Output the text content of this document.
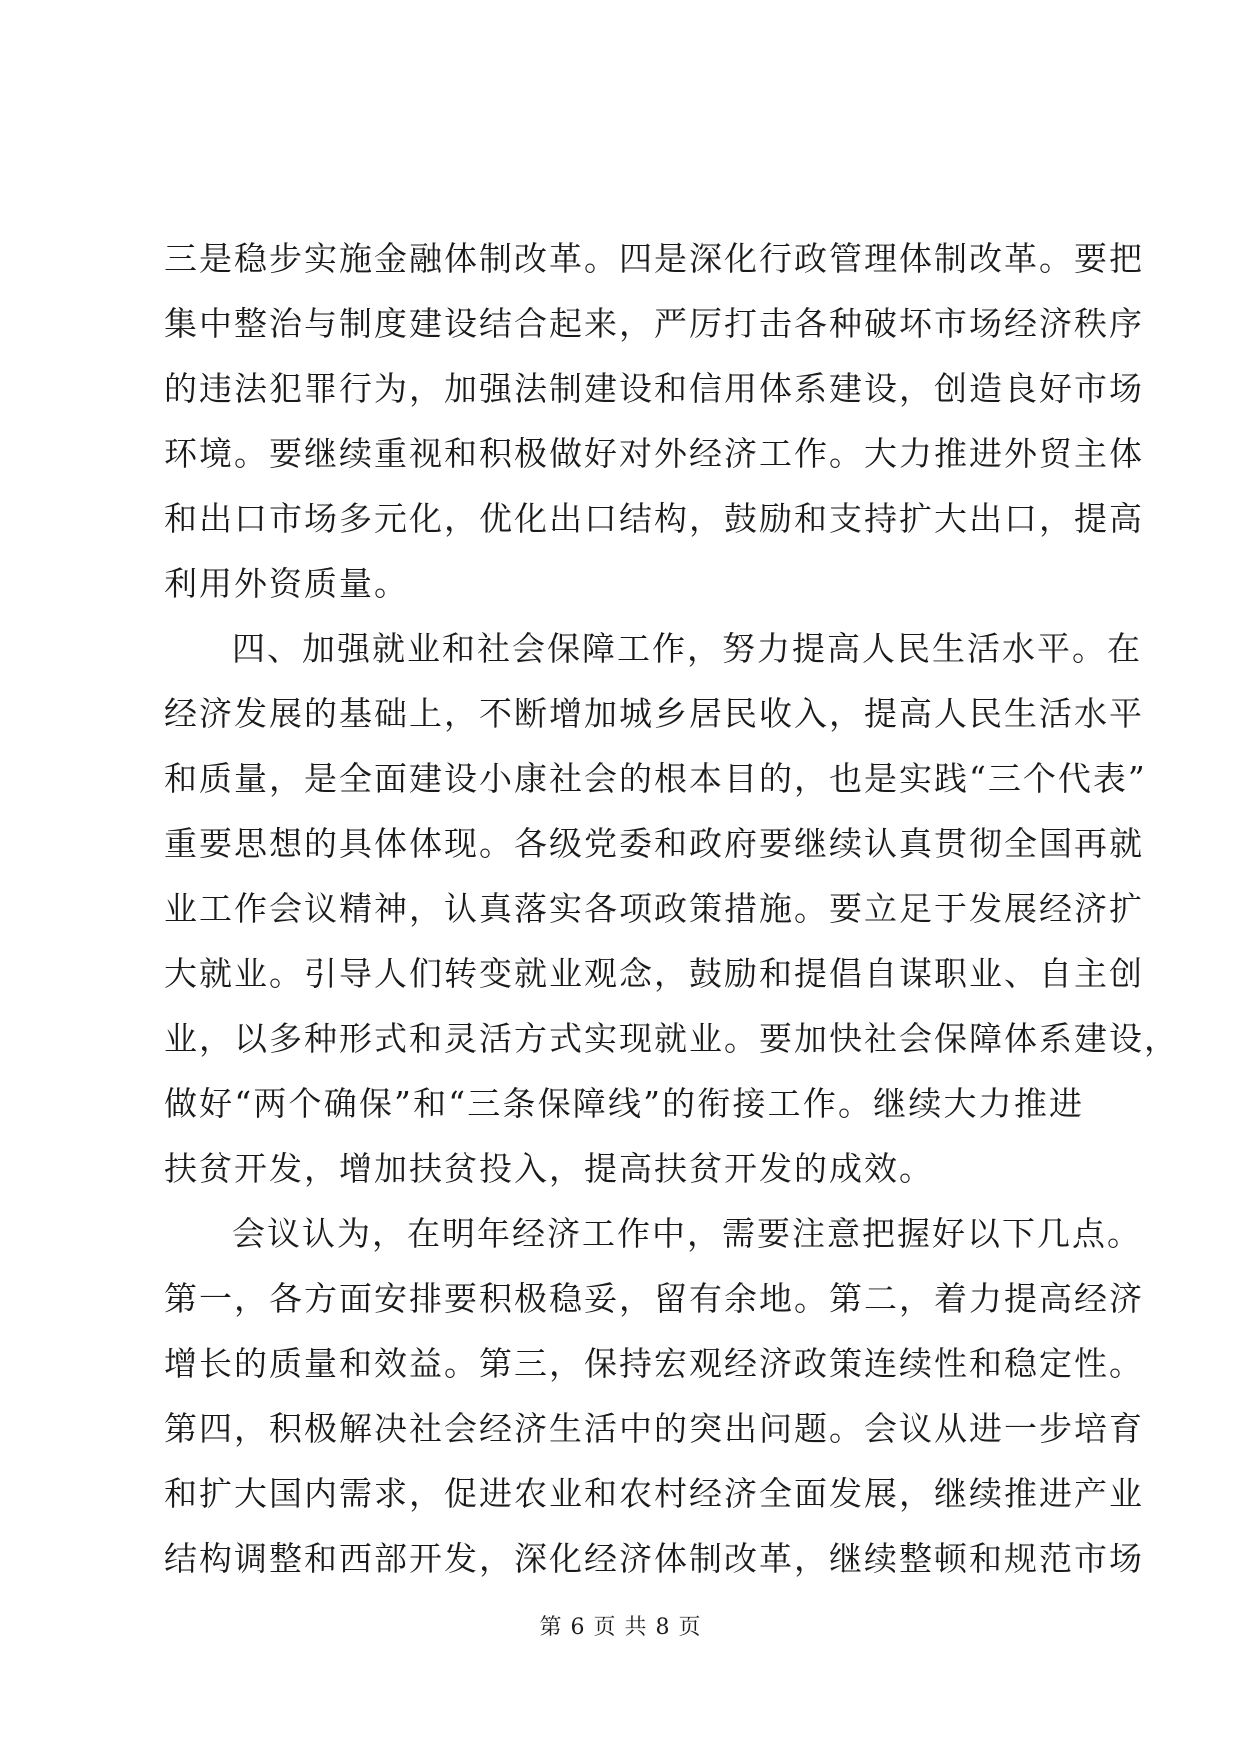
三是稳步实施金融体制改革。四是深化行政管理体制改革。要把
集中整治与制度建设结合起来，严厉打击各种破坏市场经济秩序
的违法犯罪行为，加强法制建设和信用体系建设，创造良好市场
环境。要继续重视和积极做好对外经济工作。大力推进外贸主体
和出口市场多元化，优化出口结构，鼓励和支持扩大出口，提高
利用外资质量。
四、加强就业和社会保障工作，努力提高人民生活水平。在
经济发展的基础上，不断增加城乡居民收入，提高人民生活水平
和质量，是全面建设小康社会的根本目的，也是实践“三个代表”
重要思想的具体体现。各级党委和政府要继续认真贯彻全国再就
业工作会议精神，认真落实各项政策措施。要立足于发展经济扩
大就业。引导人们转变就业观念，鼓励和提倡自谋职业、自主创
业，以多种形式和灵活方式实现就业。要加快社会保障体系建设，
做好“两个确保”和“三条保障线”的衔接工作。继续大力推进
扶贫开发，增加扶贫投入，提高扶贫开发的成效。
会议认为，在明年经济工作中，需要注意把握好以下几点。
第一，各方面安排要积极稳妥，留有余地。第二，着力提高经济
增长的质量和效益。第三，保持宏观经济政策连续性和稳定性。
第四，积极解决社会经济生活中的突出问题。会议从进一步培育
和扩大国内需求，促进农业和农村经济全面发展，继续推进产业
结构调整和西部开发，深化经济体制改革，继续整顿和规范市场
第 6 页 共 8 页
